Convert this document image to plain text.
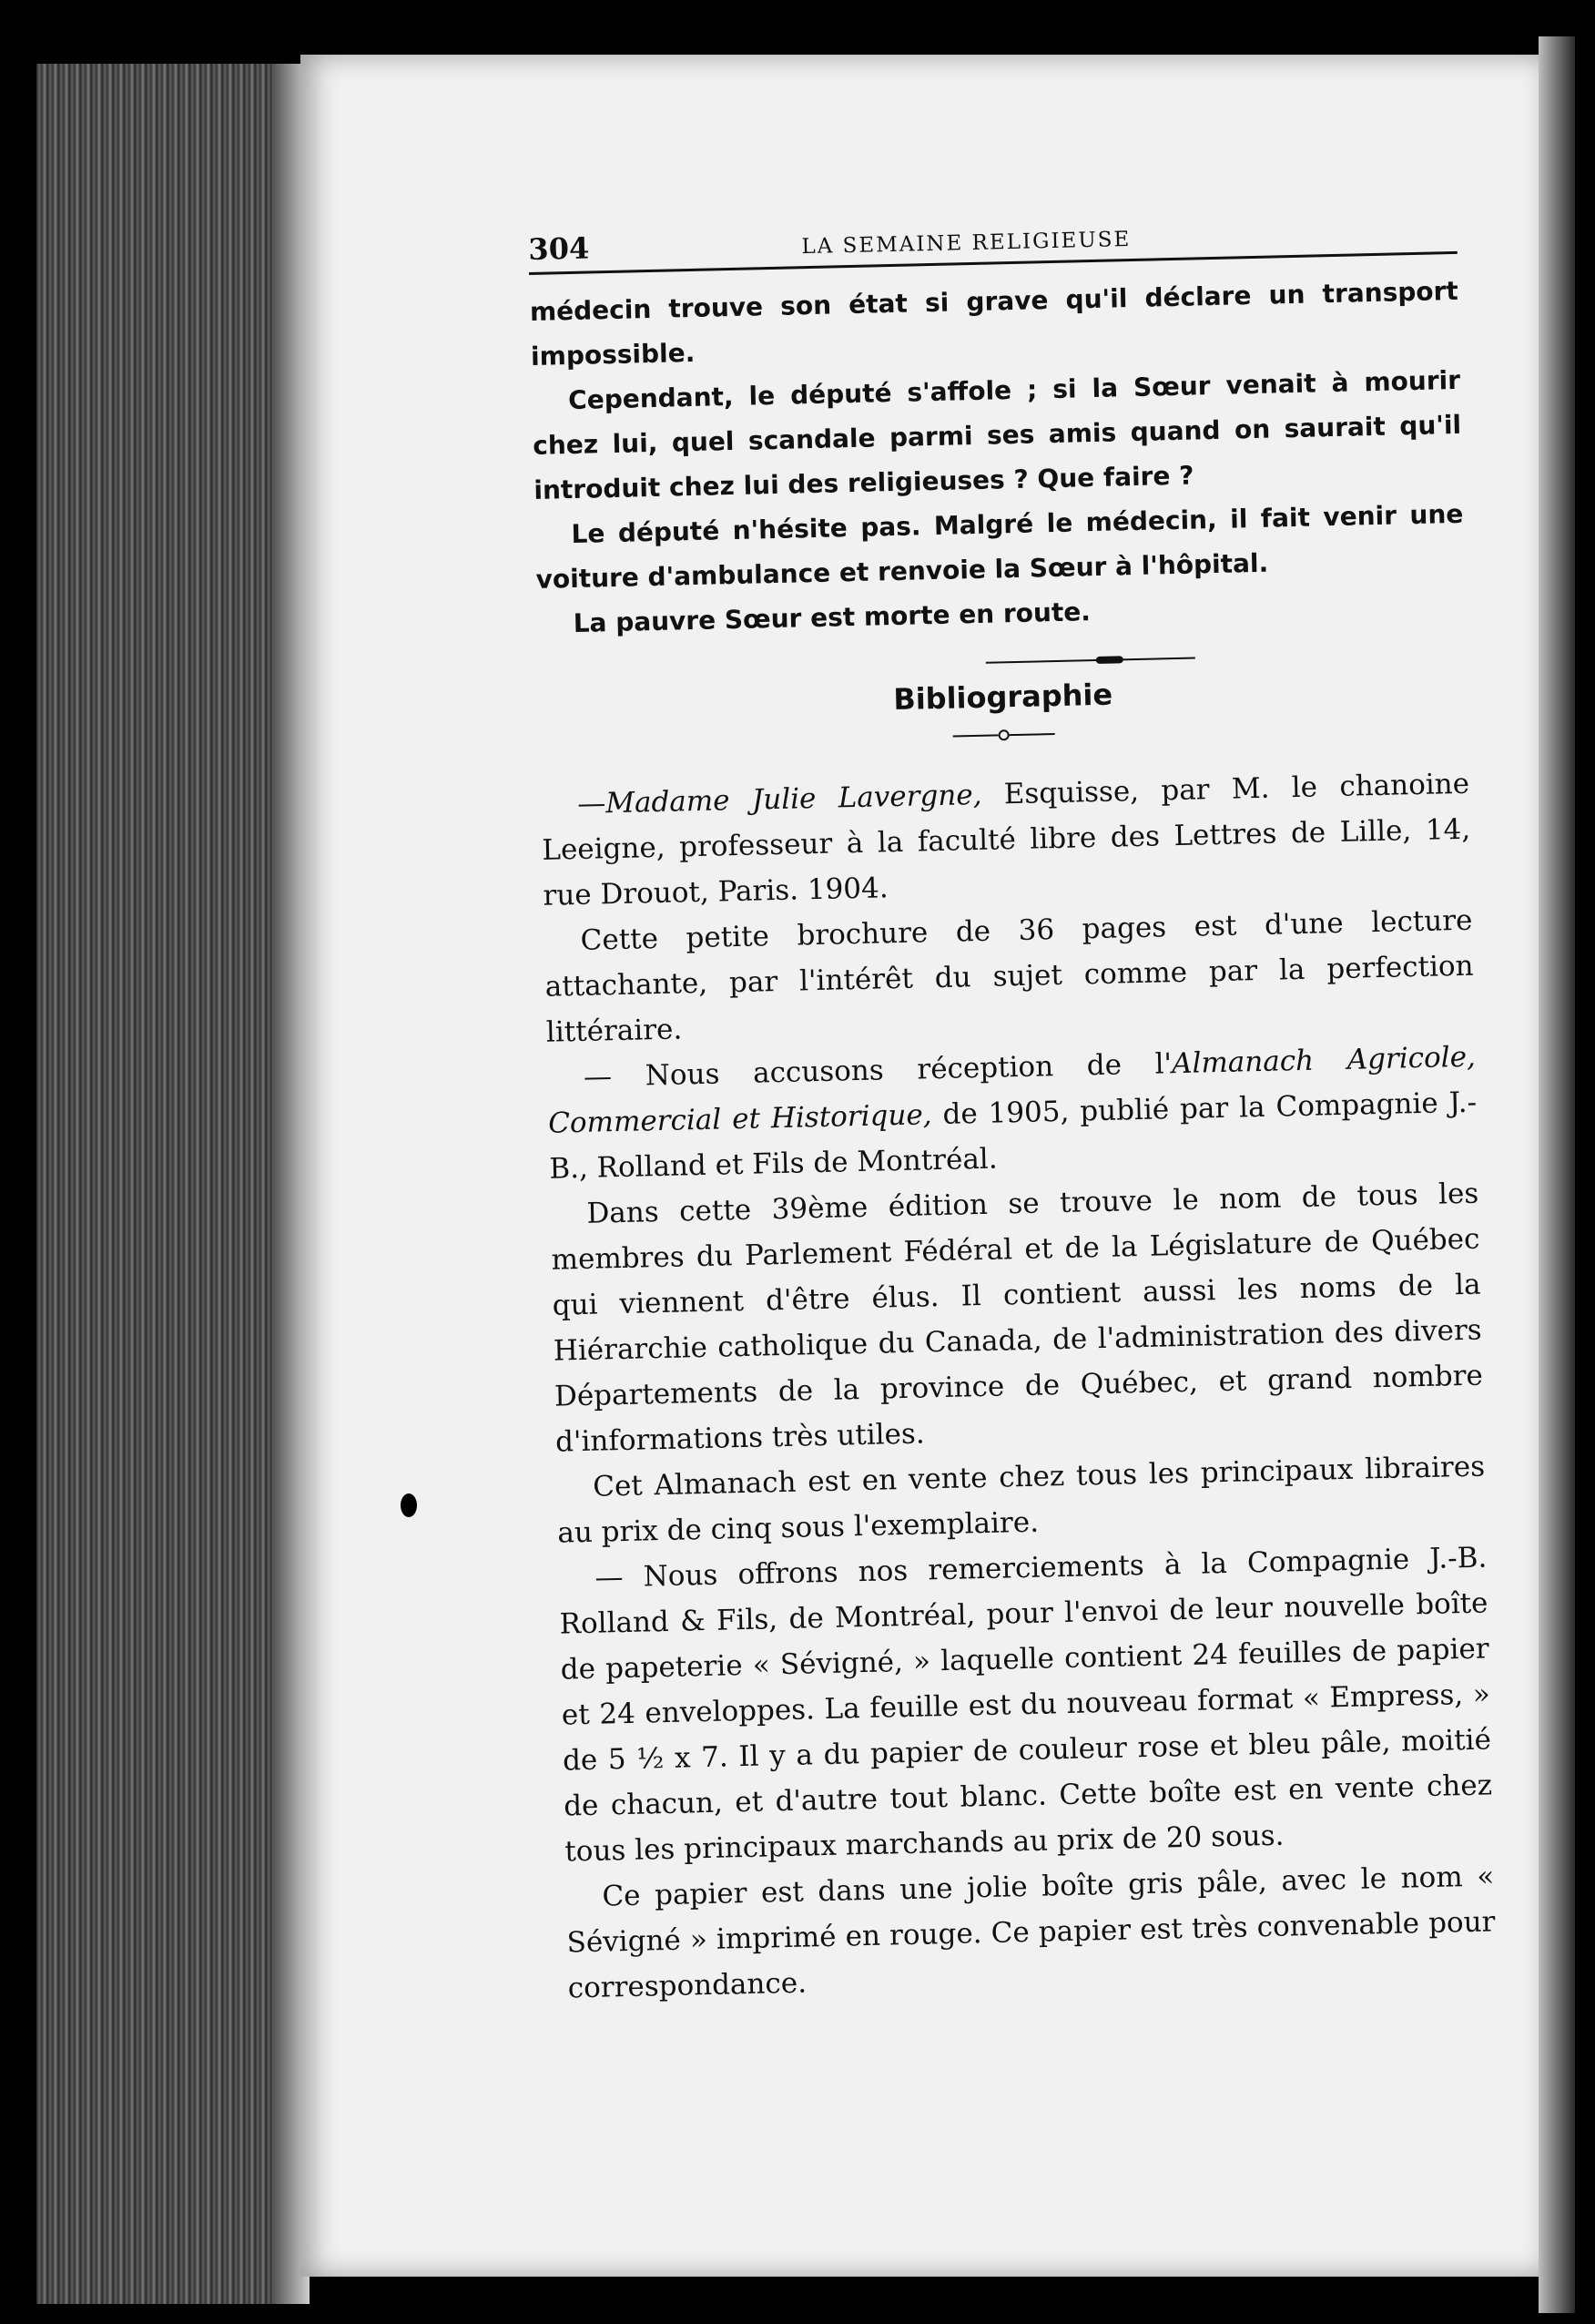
304	LA SEMAINE RELIGIEUSE

médecin trouve son état si grave qu'il déclare un transport impossible.

Cependant, le député s'affole ; si la Sœur venait à mourir chez lui, quel scandale parmi ses amis quand on saurait qu'il introduit chez lui des religieuses ? Que faire ?

Le député n'hésite pas. Malgré le médecin, il fait venir une voiture d'ambulance et renvoie la Sœur à l'hôpital.

La pauvre Sœur est morte en route.

Bibliographie

—Madame Julie Lavergne, Esquisse, par M. le chanoine Leeigne, professeur à la faculté libre des Lettres de Lille, 14, rue Drouot, Paris. 1904.

Cette petite brochure de 36 pages est d'une lecture attachante, par l'intérêt du sujet comme par la perfection littéraire.

— Nous accusons réception de l'Almanach Agricole, Commercial et Historique, de 1905, publié par la Compagnie J.-B., Rolland et Fils de Montréal.

Dans cette 39ème édition se trouve le nom de tous les membres du Parlement Fédéral et de la Législature de Québec qui viennent d'être élus. Il contient aussi les noms de la Hiérarchie catholique du Canada, de l'administration des divers Départements de la province de Québec, et grand nombre d'informations très utiles.

Cet Almanach est en vente chez tous les principaux libraires au prix de cinq sous l'exemplaire.

— Nous offrons nos remerciements à la Compagnie J.-B. Rolland & Fils, de Montréal, pour l'envoi de leur nouvelle boîte de papeterie « Sévigné, » laquelle contient 24 feuilles de papier et 24 enveloppes. La feuille est du nouveau format « Empress, » de 5 ½ x 7. Il y a du papier de couleur rose et bleu pâle, moitié de chacun, et d'autre tout blanc. Cette boîte est en vente chez tous les principaux marchands au prix de 20 sous.

Ce papier est dans une jolie boîte gris pâle, avec le nom « Sévigné » imprimé en rouge. Ce papier est très convenable pour correspondance.
